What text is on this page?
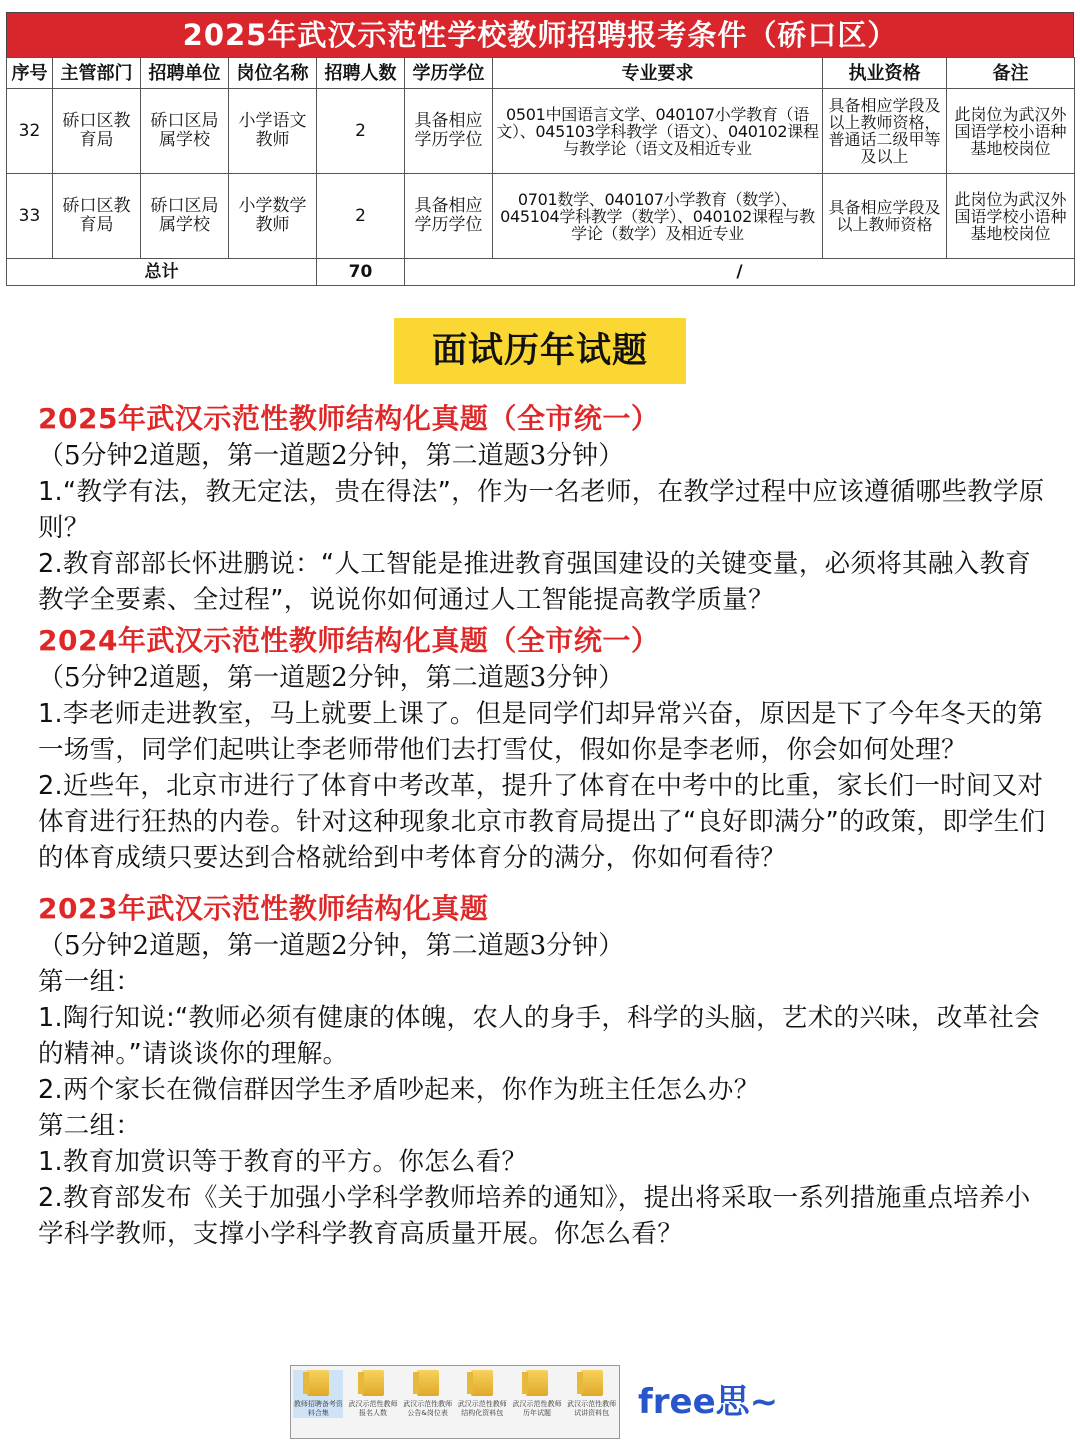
2025年武汉示范性学校教师招聘报考条件（硚口区）
序号	主管部门	招聘单位	岗位名称	招聘人数	学历学位	专业要求	执业资格	备注
32	硚口区教育局	硚口区局属学校	小学语文教师	2	具备相应学历学位	0501中国语言文学、040107小学教育（语文）、045103学科教学（语文）、040102课程与教学论（语文及相近专业	具备相应学段及以上教师资格，普通话二级甲等及以上	此岗位为武汉外国语学校小语种基地校岗位
33	硚口区教育局	硚口区局属学校	小学数学教师	2	具备相应学历学位	0701数学、040107小学教育（数学）、045104学科教学（数学）、040102课程与教学论（数学）及相近专业	具备相应学段及以上教师资格	此岗位为武汉外国语学校小语种基地校岗位
总计				70	/			
面试历年试题

2025年武汉示范性教师结构化真题（全市统一）

（5分钟2道题，第一道题2分钟，第二道题3分钟）

1.“教学有法，教无定法，贵在得法”，作为一名老师，在教学过程中应该遵循哪些教学原则？

2.教育部部长怀进鹏说：“人工智能是推进教育强国建设的关键变量，必须将其融入教育教学全要素、全过程”，说说你如何通过人工智能提高教学质量？

2024年武汉示范性教师结构化真题（全市统一）

（5分钟2道题，第一道题2分钟，第二道题3分钟）

1.李老师走进教室，马上就要上课了。但是同学们却异常兴奋，原因是下了今年冬天的第一场雪，同学们起哄让李老师带他们去打雪仗，假如你是李老师，你会如何处理？

2.近些年，北京市进行了体育中考改革，提升了体育在中考中的比重，家长们一时间又对体育进行狂热的内卷。针对这种现象北京市教育局提出了“良好即满分”的政策，即学生们的体育成绩只要达到合格就给到中考体育分的满分，你如何看待？

2023年武汉示范性教师结构化真题

（5分钟2道题，第一道题2分钟，第二道题3分钟）

第一组：

1.陶行知说:“教师必须有健康的体魄，农人的身手，科学的头脑，艺术的兴味，改革社会的精神。”请谈谈你的理解。

2.两个家长在微信群因学生矛盾吵起来，你作为班主任怎么办？

第二组：

1.教育加赏识等于教育的平方。你怎么看？

2.教育部发布《关于加强小学科学教师培养的通知》，提出将采取一系列措施重点培养小学科学教师，支撑小学科学教育高质量开展。你怎么看？

教师招聘备考资料合集
武汉示范性教师报名人数
武汉示范性教师公告&岗位表
武汉示范性教师结构化资料包
武汉示范性教师历年试题
武汉示范性教师试讲资料包 free思~
